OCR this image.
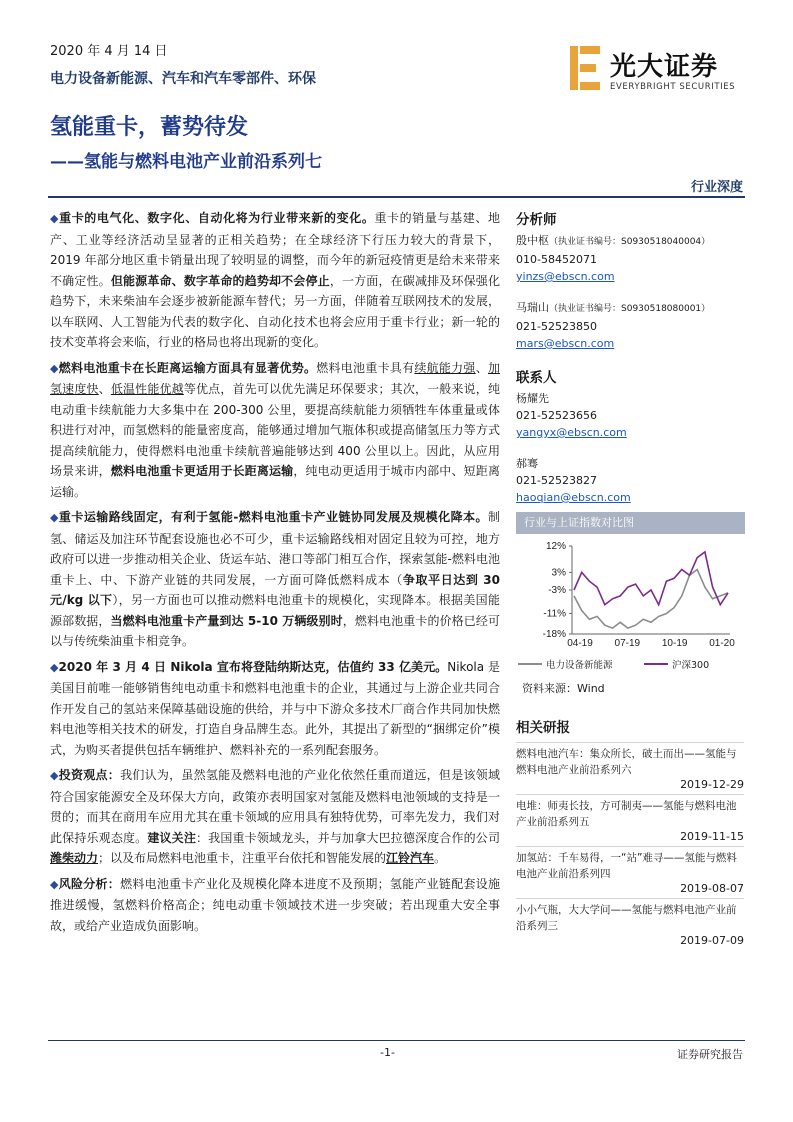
2020 年 4 月 14 日
电力设备新能源、汽车和汽车零部件、环保
氢能重卡，蓄势待发
——氢能与燃料电池产业前沿系列七
光大证券
EVERYBRIGHT SECURITIES
行业深度

◆重卡的电气化、数字化、自动化将为行业带来新的变化。重卡的销量与基建、地产、工业等经济活动呈显著的正相关趋势；在全球经济下行压力较大的背景下，2019 年部分地区重卡销量出现了较明显的调整，而今年的新冠疫情更是给未来带来不确定性。但能源革命、数字革命的趋势却不会停止，一方面，在碳减排及环保强化趋势下，未来柴油车会逐步被新能源车替代；另一方面，伴随着互联网技术的发展，以车联网、人工智能为代表的数字化、自动化技术也将会应用于重卡行业；新一轮的技术变革将会来临，行业的格局也将出现新的变化。

◆燃料电池重卡在长距离运输方面具有显著优势。燃料电池重卡具有续航能力强、加氢速度快、低温性能优越等优点，首先可以优先满足环保要求；其次，一般来说，纯电动重卡续航能力大多集中在 200-300 公里，要提高续航能力须牺牲车体重量或体积进行对冲，而氢燃料的能量密度高，能够通过增加气瓶体积或提高储氢压力等方式提高续航能力，使得燃料电池重卡续航普遍能够达到 400 公里以上。因此，从应用场景来讲，燃料电池重卡更适用于长距离运输，纯电动更适用于城市内部中、短距离运输。

◆重卡运输路线固定，有利于氢能-燃料电池重卡产业链协同发展及规模化降本。制氢、储运及加注环节配套设施也必不可少，重卡运输路线相对固定且较为可控，地方政府可以进一步推动相关企业、货运车站、港口等部门相互合作，探索氢能-燃料电池重卡上、中、下游产业链的共同发展，一方面可降低燃料成本（争取平日达到 30 元/kg 以下），另一方面也可以推动燃料电池重卡的规模化，实现降本。根据美国能源部数据，当燃料电池重卡产量到达 5-10 万辆级别时，燃料电池重卡的价格已经可以与传统柴油重卡相竞争。

◆2020 年 3 月 4 日 Nikola 宣布将登陆纳斯达克，估值约 33 亿美元。Nikola 是美国目前唯一能够销售纯电动重卡和燃料电池重卡的企业，其通过与上游企业共同合作开发自己的氢站来保障基础设施的供给，并与中下游众多技术厂商合作共同加快燃料电池等相关技术的研发，打造自身品牌生态。此外，其提出了新型的“捆绑定价”模式，为购买者提供包括车辆维护、燃料补充的一系列配套服务。

◆投资观点：我们认为，虽然氢能及燃料电池的产业化依然任重而道远，但是该领域符合国家能源安全及环保大方向，政策亦表明国家对氢能及燃料电池领域的支持是一贯的；而其在商用车应用尤其在重卡领域的应用具有独特优势，可率先发力，我们对此保持乐观态度。建议关注：我国重卡领域龙头，并与加拿大巴拉德深度合作的公司潍柴动力；以及布局燃料电池重卡，注重平台依托和智能发展的江铃汽车。

◆风险分析：燃料电池重卡产业化及规模化降本进度不及预期；氢能产业链配套设施推进缓慢，氢燃料价格高企；纯电动重卡领域技术进一步突破；若出现重大安全事故，或给产业造成负面影响。

分析师
殷中枢（执业证书编号：S0930518040004）
010-58452071
yinzs@ebscn.com
马瑞山（执业证书编号：S0930518080001）
021-52523850
mars@ebscn.com
联系人
杨耀先
021-52523656
yangyx@ebscn.com
郝骞
021-52523827
haoqian@ebscn.com
行业与上证指数对比图
12%
3%
-3%
-11%
-18%
04-19 07-19 10-19 01-20
电力设备新能源	沪深300
资料来源：Wind
相关研报
燃料电池汽车：集众所长，破土而出——氢能与燃料电池产业前沿系列六
2019-12-29
电堆：师夷长技，方可制夷——氢能与燃料电池产业前沿系列五
2019-11-15
加氢站：千车易得，一“站”难寻——氢能与燃料电池产业前沿系列四
2019-08-07
小小气瓶，大大学问——氢能与燃料电池产业前沿系列三
2019-07-09
-1-	证券研究报告
